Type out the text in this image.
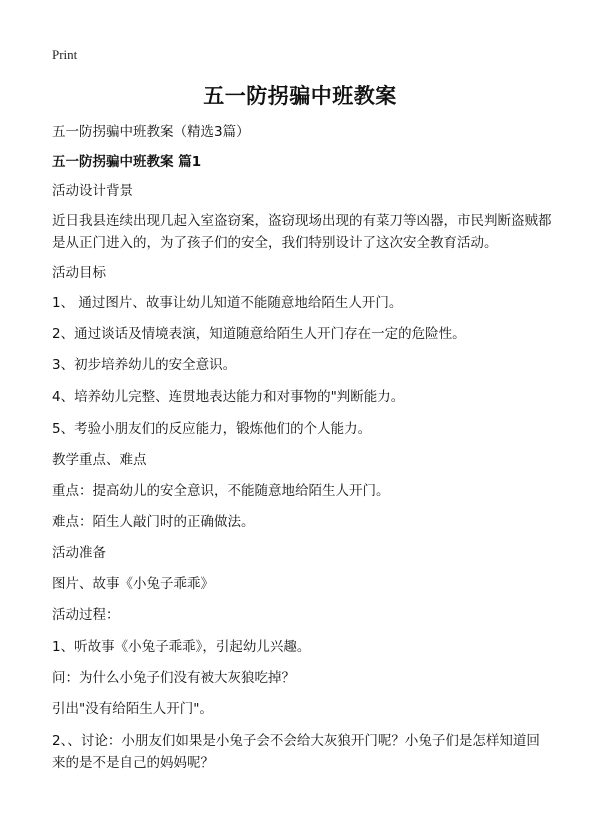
Print
五一防拐骗中班教案
五一防拐骗中班教案（精选3篇）
五一防拐骗中班教案 篇1
活动设计背景
近日我县连续出现几起入室盗窃案，盗窃现场出现的有菜刀等凶器，市民判断盗贼都是从正门进入的，为了孩子们的安全，我们特别设计了这次安全教育活动。
活动目标
1、 通过图片、故事让幼儿知道不能随意地给陌生人开门。
2、通过谈话及情境表演，知道随意给陌生人开门存在一定的危险性。
3、初步培养幼儿的安全意识。
4、培养幼儿完整、连贯地表达能力和对事物的"判断能力。
5、考验小朋友们的反应能力，锻炼他们的个人能力。
教学重点、难点
重点：提高幼儿的安全意识，不能随意地给陌生人开门。
难点：陌生人敲门时的正确做法。
活动准备
图片、故事《小兔子乖乖》
活动过程：
1、听故事《小兔子乖乖》，引起幼儿兴趣。
问：为什么小兔子们没有被大灰狼吃掉？
引出"没有给陌生人开门"。
2、、讨论：小朋友们如果是小兔子会不会给大灰狼开门呢？小兔子们是怎样知道回来的是不是自己的妈妈呢？
